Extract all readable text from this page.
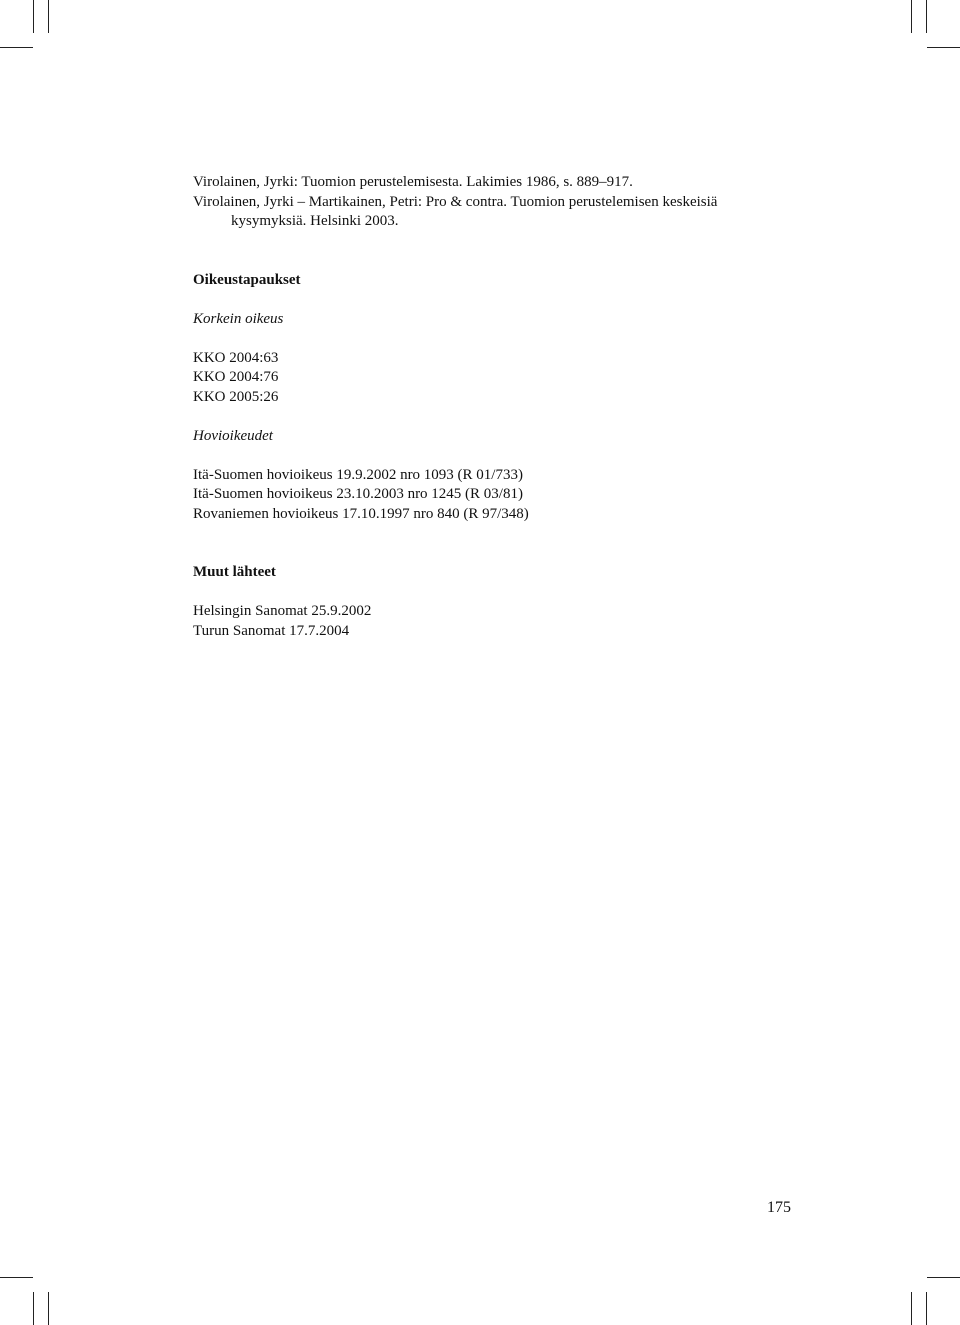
Virolainen, Jyrki: Tuomion perustelemisesta. Lakimies 1986, s. 889–917.

Virolainen, Jyrki – Martikainen, Petri: Pro & contra. Tuomion perustelemisen keskeisiä kysymyksiä. Helsinki 2003.

Oikeustapaukset

Korkein oikeus

KKO 2004:63

KKO 2004:76

KKO 2005:26

Hovioikeudet

Itä-Suomen hovioikeus 19.9.2002 nro 1093 (R 01/733)

Itä-Suomen hovioikeus 23.10.2003 nro 1245 (R 03/81)

Rovaniemen hovioikeus 17.10.1997 nro 840 (R 97/348)

Muut lähteet

Helsingin Sanomat 25.9.2002

Turun Sanomat 17.7.2004

175
